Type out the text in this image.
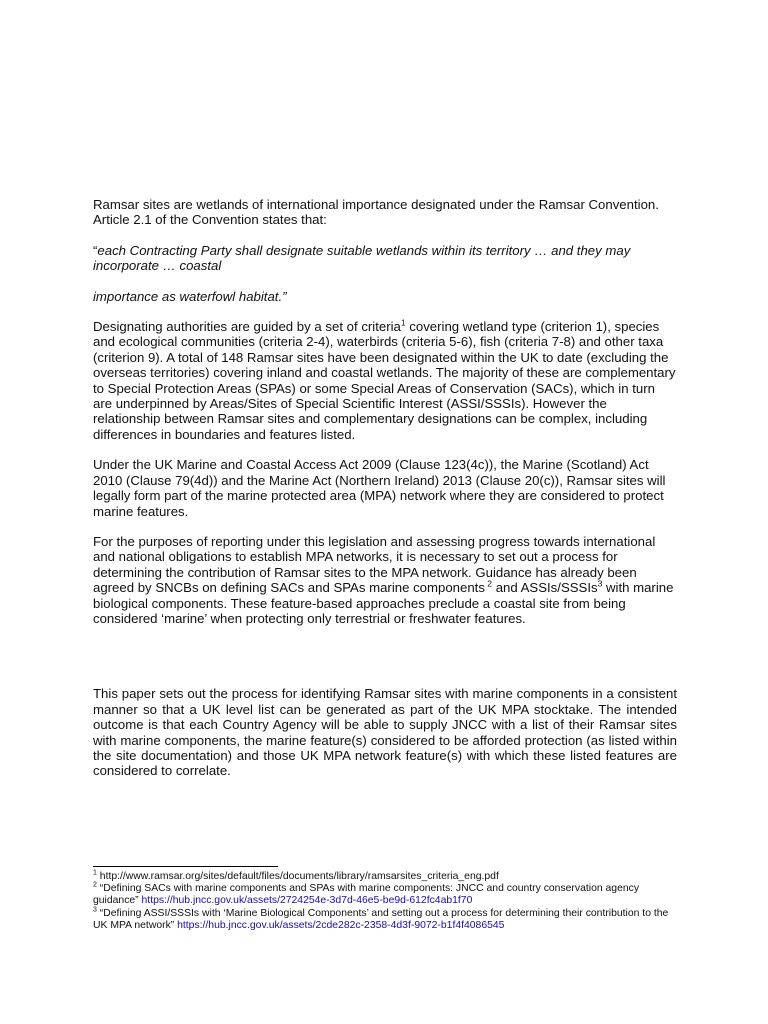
Ramsar sites are wetlands of international importance designated under the Ramsar Convention. Article 2.1 of the Convention states that:

“each Contracting Party shall designate suitable wetlands within its territory … and they may incorporate … coastal

importance as waterfowl habitat.”

Designating authorities are guided by a set of criteria$^1$ covering wetland type (criterion 1), species and ecological communities (criteria 2-4), waterbirds (criteria 5-6), fish (criteria 7-8) and other taxa (criterion 9). A total of 148 Ramsar sites have been designated within the UK to date (excluding the overseas territories) covering inland and coastal wetlands. The majority of these are complementary to Special Protection Areas (SPAs) or some Special Areas of Conservation (SACs), which in turn are underpinned by Areas/Sites of Special Scientific Interest (ASSI/SSSIs). However the relationship between Ramsar sites and complementary designations can be complex, including differences in boundaries and features listed.

Under the UK Marine and Coastal Access Act 2009 (Clause 123(4c)), the Marine (Scotland) Act 2010 (Clause 79(4d)) and the Marine Act (Northern Ireland) 2013 (Clause 20(c)), Ramsar sites will legally form part of the marine protected area (MPA) network where they are considered to protect marine features.

For the purposes of reporting under this legislation and assessing progress towards international and national obligations to establish MPA networks, it is necessary to set out a process for determining the contribution of Ramsar sites to the MPA network. Guidance has already been agreed by SNCBs on defining SACs and SPAs marine components $^2$ and ASSIs/SSSIs$^3$ with marine biological components. These feature-based approaches preclude a coastal site from being considered ‘marine’ when protecting only terrestrial or freshwater features.

This paper sets out the process for identifying Ramsar sites with marine components in a consistent manner so that a UK level list can be generated as part of the UK MPA stocktake. The intended outcome is that each Country Agency will be able to supply JNCC with a list of their Ramsar sites with marine components, the marine feature(s) considered to be afforded protection (as listed within the site documentation) and those UK MPA network feature(s) with which these listed features are considered to correlate.

$^1$ http://www.ramsar.org/sites/default/files/documents/library/ramsarsites_criteria_eng.pdf

$^2$ “Defining SACs with marine components and SPAs with marine components: JNCC and country conservation agency guidance” https://hub.jncc.gov.uk/assets/2724254e-3d7d-46e5-be9d-612fc4ab1f70

$^3$ “Defining ASSI/SSSIs with ‘Marine Biological Components’ and setting out a process for determining their contribution to the UK MPA network” https://hub.jncc.gov.uk/assets/2cde282c-2358-4d3f-9072-b1f4f4086545
